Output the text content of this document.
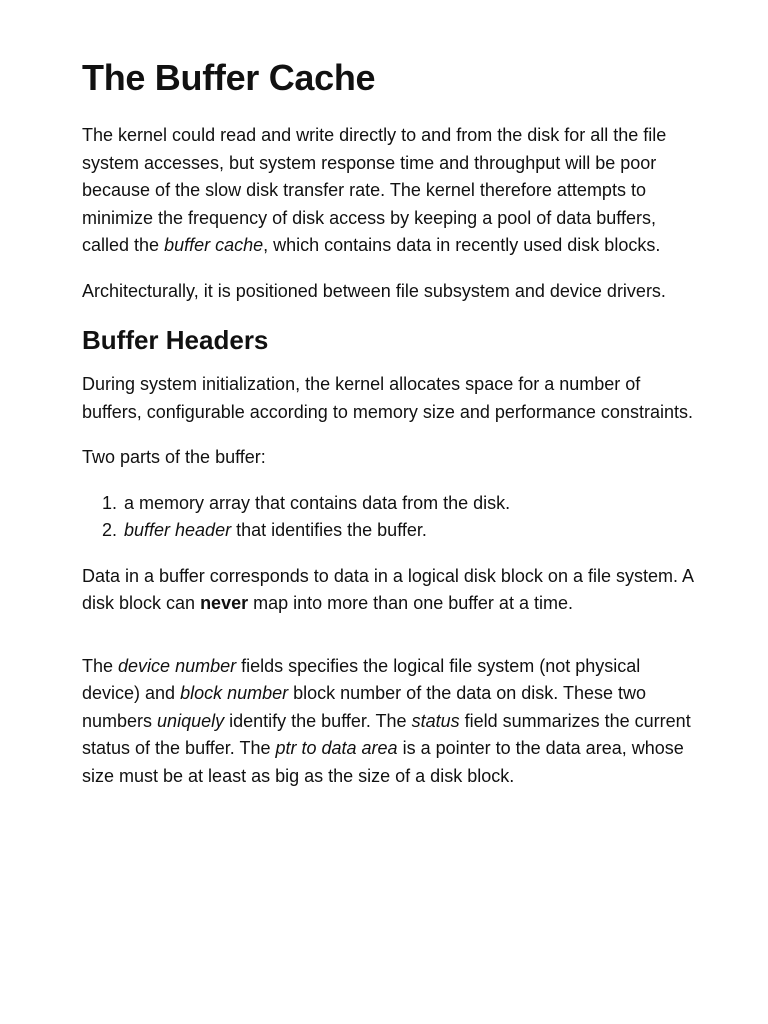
The Buffer Cache

The kernel could read and write directly to and from the disk for all the file system accesses, but system response time and throughput will be poor because of the slow disk transfer rate. The kernel therefore attempts to minimize the frequency of disk access by keeping a pool of data buffers, called the buffer cache, which contains data in recently used disk blocks.

Architecturally, it is positioned between file subsystem and device drivers.

Buffer Headers

During system initialization, the kernel allocates space for a number of buffers, configurable according to memory size and performance constraints.

Two parts of the buffer:

1. a memory array that contains data from the disk.
2. buffer header that identifies the buffer.

Data in a buffer corresponds to data in a logical disk block on a file system. A disk block can never map into more than one buffer at a time.

The device number fields specifies the logical file system (not physical device) and block number block number of the data on disk. These two numbers uniquely identify the buffer. The status field summarizes the current status of the buffer. The ptr to data area is a pointer to the data area, whose size must be at least as big as the size of a disk block.
